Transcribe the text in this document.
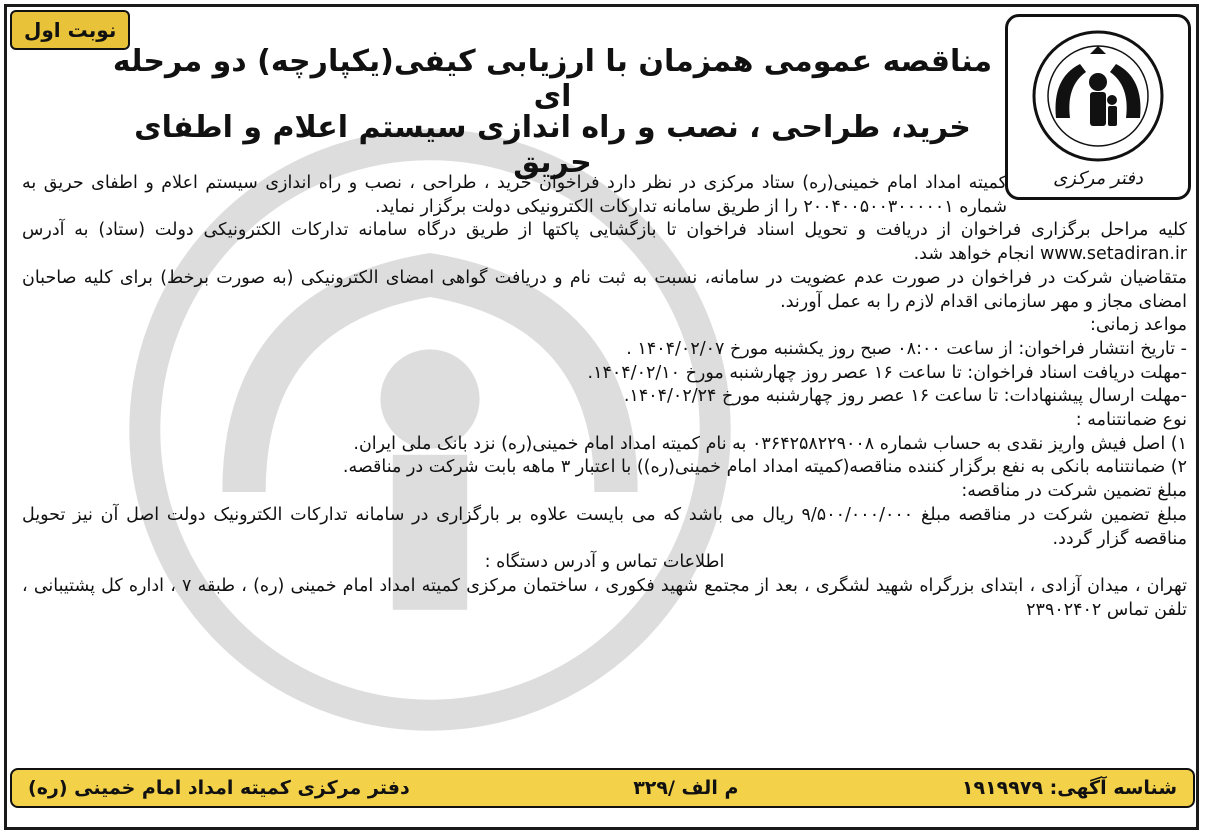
نوبت اول
دفتر مرکزی
مناقصه عمومی همزمان با ارزیابی کیفی(یکپارچه) دو مرحله ای
خرید، طراحی ، نصب و راه اندازی سیستم اعلام و اطفای حریق

کمیته امداد امام خمینی(ره) ستاد مرکزی در نظر دارد فراخوان خرید ، طراحی ، نصب و راه اندازی سیستم اعلام و اطفای حریق به شماره ۲۰۰۴۰۰۵۰۰۳۰۰۰۰۰۱ را از طریق سامانه تدارکات الکترونیکی دولت برگزار نماید.

کلیه مراحل برگزاری فراخوان از دریافت و تحویل اسناد فراخوان تا بازگشایی پاکتها از طریق درگاه سامانه تدارکات الکترونیکی دولت (ستاد) به آدرس www.setadiran.ir انجام خواهد شد.

متقاضیان شرکت در فراخوان در صورت عدم عضویت در سامانه، نسبت به ثبت نام و دریافت گواهی امضای الکترونیکی (به صورت برخط) برای کلیه صاحبان امضای مجاز و مهر سازمانی اقدام لازم را به عمل آورند.

مواعد زمانی:

- تاریخ انتشار فراخوان: از ساعت ۰۸:۰۰ صبح روز یکشنبه مورخ ۱۴۰۴/۰۲/۰۷ .

-مهلت دریافت اسناد فراخوان: تا ساعت ۱۶ عصر روز چهارشنبه مورخ ۱۴۰۴/۰۲/۱۰.

-مهلت ارسال پیشنهادات: تا ساعت ۱۶ عصر روز چهارشنبه مورخ ۱۴۰۴/۰۲/۲۴.

نوع ضمانتنامه :

۱) اصل فیش واریز نقدی به حساب شماره ۰۳۶۴۲۵۸۲۲۹۰۰۸ به نام کمیته امداد امام خمینی(ره) نزد بانک ملی ایران.

۲) ضمانتنامه بانکی به نفع برگزار کننده مناقصه(کمیته امداد امام خمینی(ره)) با اعتبار ۳ ماهه بابت شرکت در مناقصه.

مبلغ تضمین شرکت در مناقصه:

مبلغ تضمین شرکت در مناقصه مبلغ ۹/۵۰۰/۰۰۰/۰۰۰ ریال می باشد که می بایست علاوه بر بارگزاری در سامانه تدارکات الکترونیک دولت اصل آن نیز تحویل مناقصه گزار گردد.

اطلاعات تماس و آدرس دستگاه :

تهران ، میدان آزادی ، ابتدای بزرگراه شهید لشگری ، بعد از مجتمع شهید فکوری ، ساختمان مرکزی کمیته امداد امام خمینی (ره) ، طبقه ۷ ، اداره کل پشتیبانی ، تلفن تماس ۲۳۹۰۲۴۰۲

شناسه آگهی: ۱۹۱۹۹۷۹
م الف /۳۲۹
دفتر مرکزی کمیته امداد امام خمینی (ره)
